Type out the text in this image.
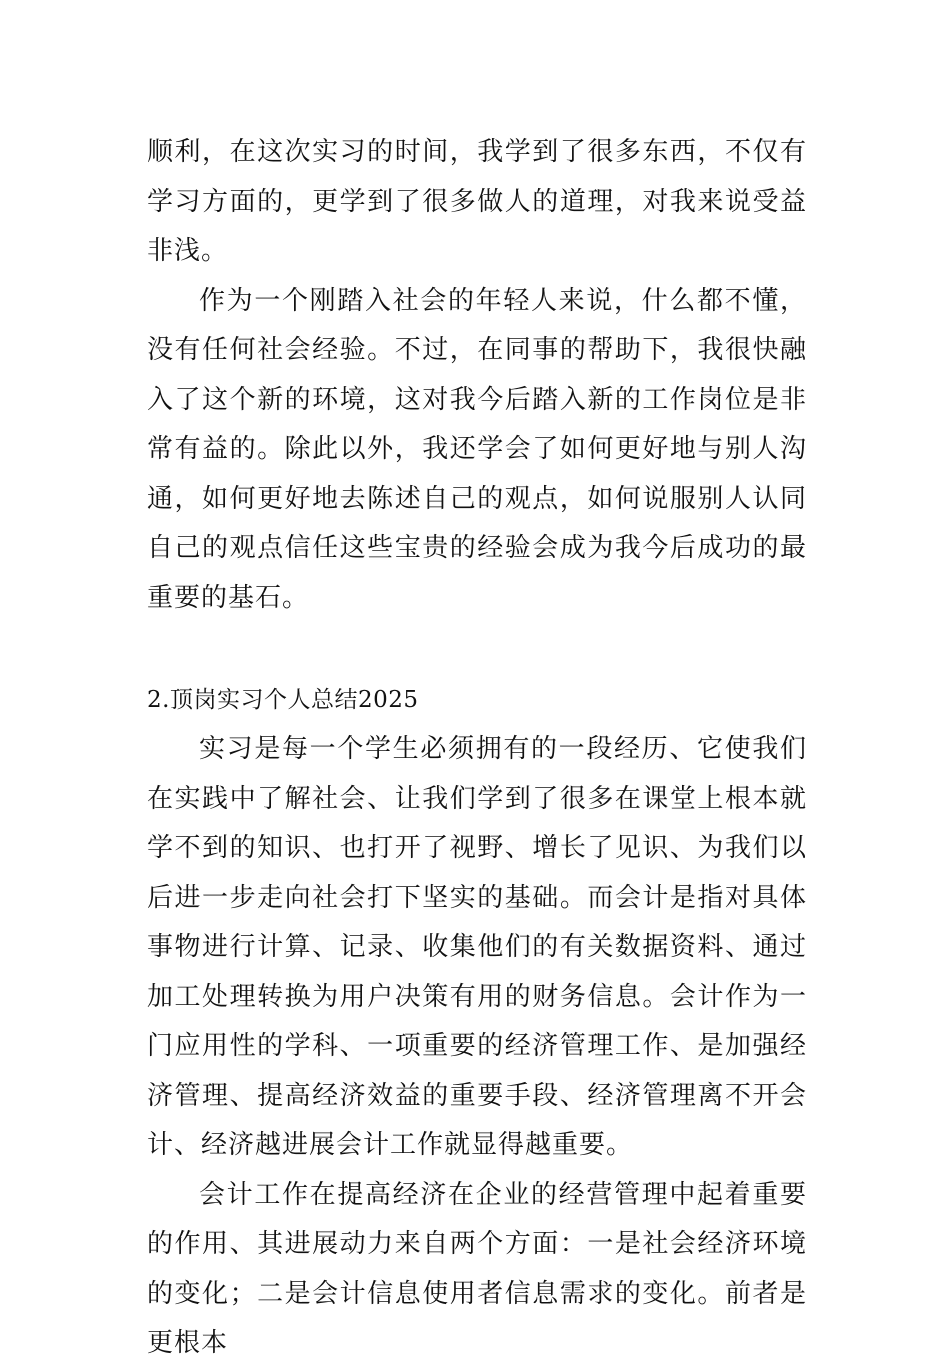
顺利，在这次实习的时间，我学到了很多东西，不仅有学习方面的，更学到了很多做人的道理，对我来说受益非浅。

作为一个刚踏入社会的年轻人来说，什么都不懂，没有任何社会经验。不过，在同事的帮助下，我很快融入了这个新的环境，这对我今后踏入新的工作岗位是非常有益的。除此以外，我还学会了如何更好地与别人沟通，如何更好地去陈述自己的观点，如何说服别人认同自己的观点信任这些宝贵的经验会成为我今后成功的最重要的基石。

2.顶岗实习个人总结2025

实习是每一个学生必须拥有的一段经历、它使我们在实践中了解社会、让我们学到了很多在课堂上根本就学不到的知识、也打开了视野、增长了见识、为我们以后进一步走向社会打下坚实的基础。而会计是指对具体事物进行计算、记录、收集他们的有关数据资料、通过加工处理转换为用户决策有用的财务信息。会计作为一门应用性的学科、一项重要的经济管理工作、是加强经济管理、提高经济效益的重要手段、经济管理离不开会计、经济越进展会计工作就显得越重要。

会计工作在提高经济在企业的经营管理中起着重要的作用、其进展动力来自两个方面：一是社会经济环境的变化；二是会计信息使用者信息需求的变化。前者是更根本
